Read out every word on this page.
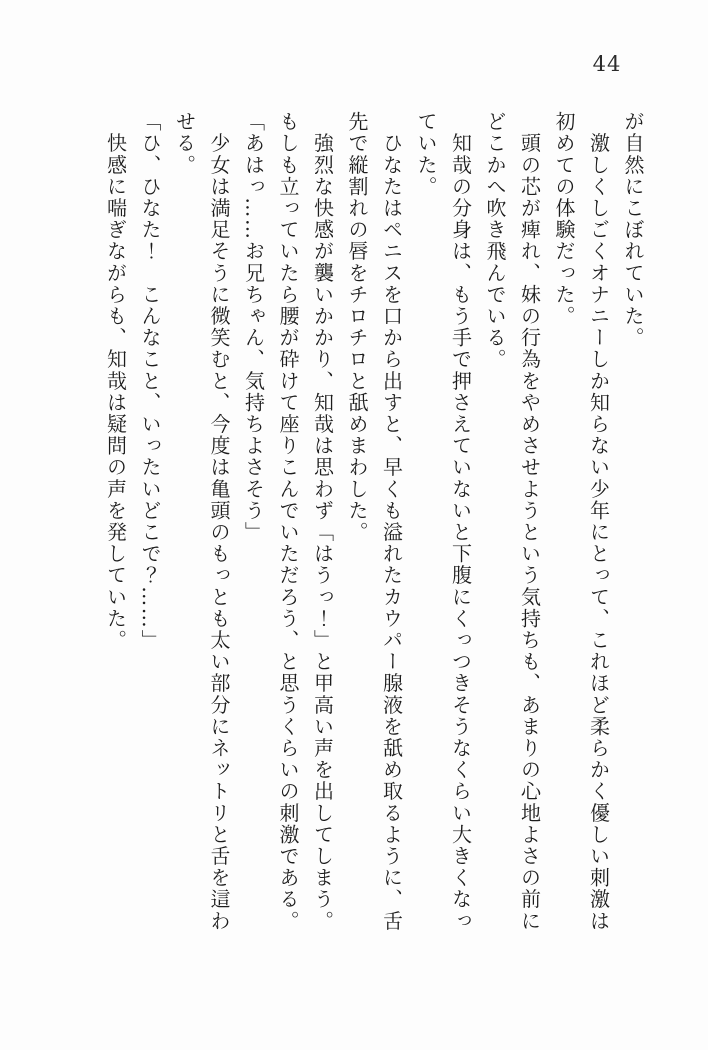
44

が自然にこぼれていた。

　激しくしごくオナニーしか知らない少年にとって、これほど柔らかく優しい刺激は

初めての体験だった。

　頭の芯が痺れ、妹の行為をやめさせようという気持ちも、あまりの心地よさの前に

どこかへ吹き飛んでいる。

　知哉の分身は、もう手で押さえていないと下腹にくっつきそうなくらい大きくなっ

ていた。

　ひなたはペニスを口から出すと、早くも溢れたカウパー腺液を舐め取るように、舌

先で縦割れの唇をチロチロと舐めまわした。

　強烈な快感が襲いかかり、知哉は思わず「はうっ！」と甲高い声を出してしまう。

もしも立っていたら腰が砕けて座りこんでいただろう、と思うくらいの刺激である。

「あはっ……お兄ちゃん、気持ちよさそう」

　少女は満足そうに微笑むと、今度は亀頭のもっとも太い部分にネットリと舌を這わ

せる。

「ひ、ひなた！　こんなこと、いったいどこで？……」

　快感に喘ぎながらも、知哉は疑問の声を発していた。
